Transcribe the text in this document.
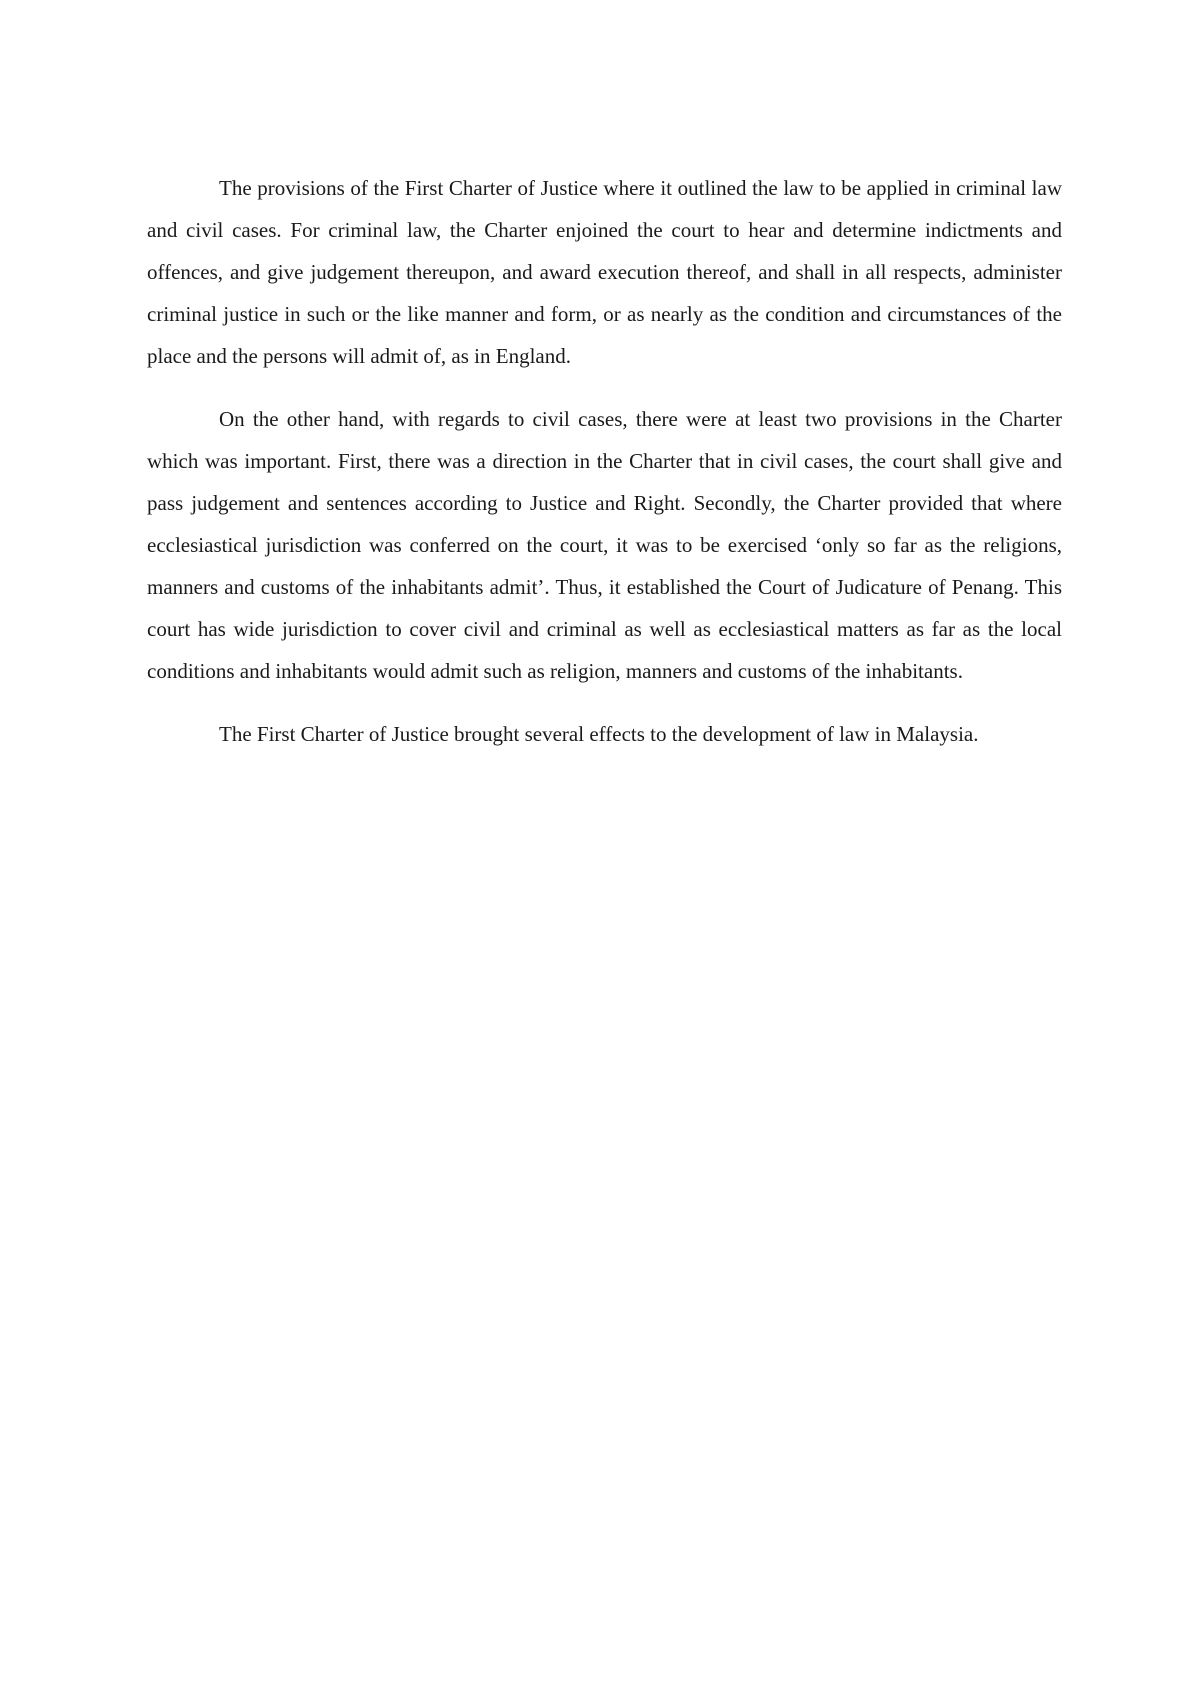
The provisions of the First Charter of Justice where it outlined the law to be applied in criminal law and civil cases. For criminal law, the Charter enjoined the court to hear and determine indictments and offences, and give judgement thereupon, and award execution thereof, and shall in all respects, administer criminal justice in such or the like manner and form, or as nearly as the condition and circumstances of the place and the persons will admit of, as in England.

On the other hand, with regards to civil cases, there were at least two provisions in the Charter which was important. First, there was a direction in the Charter that in civil cases, the court shall give and pass judgement and sentences according to Justice and Right. Secondly, the Charter provided that where ecclesiastical jurisdiction was conferred on the court, it was to be exercised ‘only so far as the religions, manners and customs of the inhabitants admit’. Thus, it established the Court of Judicature of Penang. This court has wide jurisdiction to cover civil and criminal as well as ecclesiastical matters as far as the local conditions and inhabitants would admit such as religion, manners and customs of the inhabitants.

The First Charter of Justice brought several effects to the development of law in Malaysia.
